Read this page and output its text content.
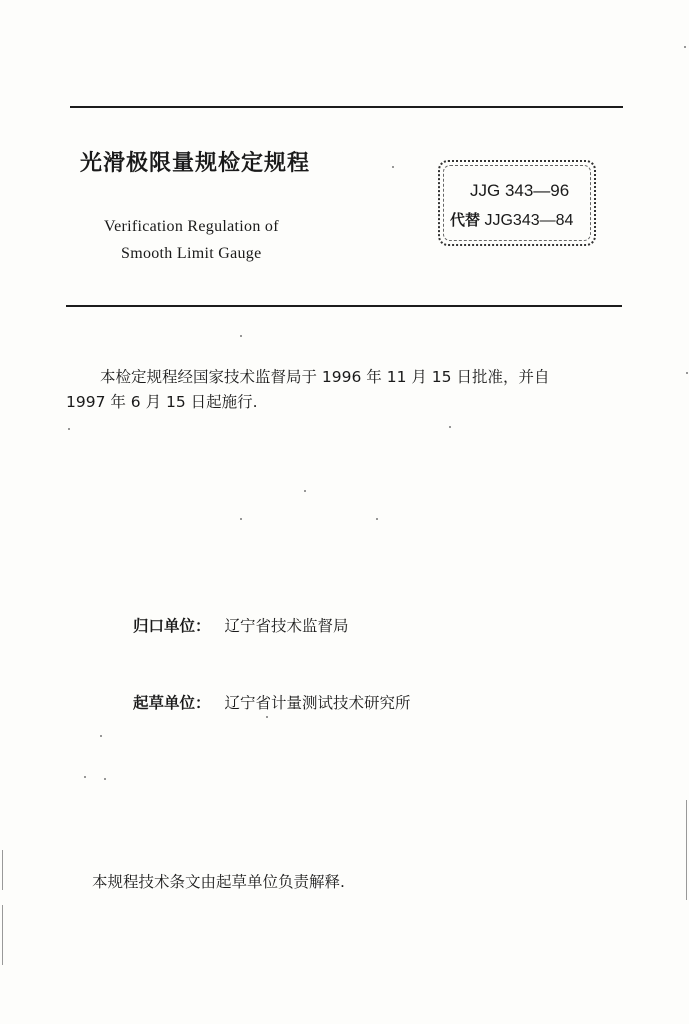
光滑极限量规检定规程
Verification Regulation of
Smooth Limit Gauge
JJG 343—96
代替 JJG343—84
本检定规程经国家技术监督局于 1996 年 11 月 15 日批准，并自
1997 年 6 月 15 日起施行.
归口单位： 辽宁省技术监督局
起草单位： 辽宁省计量测试技术研究所
本规程技术条文由起草单位负责解释.
